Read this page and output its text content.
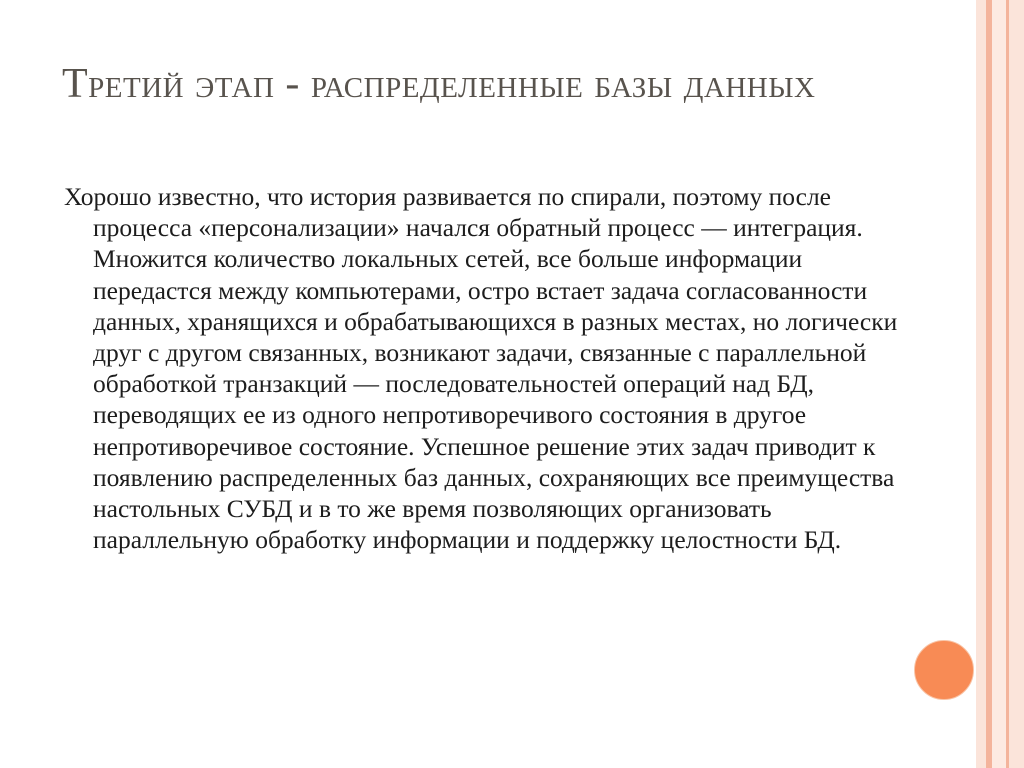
Третий этап - распределенные базы данных

Хорошо известно, что история развивается по спирали, поэтому после процесса «персонализации» начался обратный процесс — интеграция. Множится количество локальных сетей, все больше информации передастся между компьютерами, остро встает задача согласованности данных, хранящихся и обрабатывающихся в разных местах, но логически друг с другом связанных, возникают задачи, связанные с параллельной обработкой транзакций — последовательностей операций над БД, переводящих ее из одного непротиворечивого состояния в другое непротиворечивое состояние. Успешное решение этих задач приводит к появлению распределенных баз данных, сохраняющих все преимущества настольных СУБД и в то же время позволяющих организовать параллельную обработку информации и поддержку целостности БД.
